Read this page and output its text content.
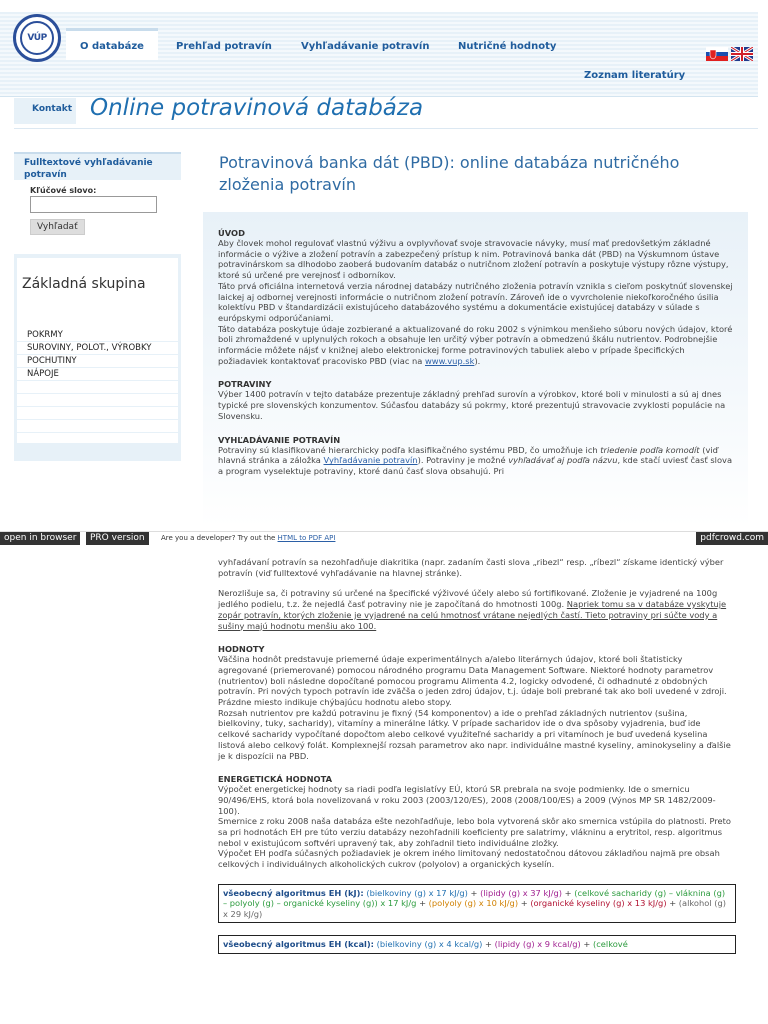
VÚP
O databáze	Prehľad potravín	Vyhľadávanie potravín	Nutričné hodnoty
Zoznam literatúry
Kontakt Online potravinová databáza
Fulltextové vyhľadávanie potravín
Kľúčové slovo:
Vyhľadať
Základná skupina
POKRMY
SUROVINY, POLOT., VÝROBKY
POCHUTINY
NÁPOJE
Potravinová banka dát (PBD): online databáza nutričného zloženia potravín
ÚVOD
Aby človek mohol regulovať vlastnú výživu a ovplyvňovať svoje stravovacie návyky, musí mať predovšetkým základné informácie o výžive a zložení potravín a zabezpečený prístup k nim. Potravinová banka dát (PBD) na Výskumnom ústave potravinárskom sa dlhodobo zaoberá budovaním databáz o nutričnom zložení potravín a poskytuje výstupy rôzne výstupy, ktoré sú určené pre verejnosť i odborníkov.
Táto prvá oficiálna internetová verzia národnej databázy nutričného zloženia potravín vznikla s cieľom poskytnúť slovenskej laickej aj odbornej verejnosti informácie o nutričnom zložení potravín. Zároveň ide o vyvrcholenie niekoľkoročného úsilia kolektívu PBD v štandardizácii existujúceho databázového systému a dokumentácie existujúcej databázy v súlade s európskymi odporúčaniami.
Táto databáza poskytuje údaje zozbierané a aktualizované do roku 2002 s výnimkou menšieho súboru nových údajov, ktoré boli zhromaždené v uplynulých rokoch a obsahuje len určitý výber potravín a obmedzenú škálu nutrientov. Podrobnejšie informácie môžete nájsť v knižnej alebo elektronickej forme potravinových tabuliek alebo v prípade špecifických požiadaviek kontaktovať pracovisko PBD (viac na www.vup.sk).
POTRAVINY
Výber 1400 potravín v tejto databáze prezentuje základný prehľad surovín a výrobkov, ktoré boli v minulosti a sú aj dnes typické pre slovenských konzumentov. Súčasťou databázy sú pokrmy, ktoré prezentujú stravovacie zvyklosti populácie na Slovensku.
VYHĽADÁVANIE POTRAVÍN
Potraviny sú klasifikované hierarchicky podľa klasifikačného systému PBD, čo umožňuje ich triedenie podľa komodít (viď hlavná stránka a záložka Vyhľadávanie potravín). Potraviny je možné vyhľadávať aj podľa názvu, kde stačí uviesť časť slova a program vyselektuje potraviny, ktoré danú časť slova obsahujú. Pri
open in browser	PRO version	Are you a developer? Try out the HTML to PDF API	pdfcrowd.com
vyhľadávaní potravín sa nezohľadňuje diakritika (napr. zadaním časti slova „ribezl“ resp. „ríbezl“ získame identický výber potravín (viď fulltextové vyhľadávanie na hlavnej stránke).
Nerozlišuje sa, či potraviny sú určené na špecifické výživové účely alebo sú fortifikované. Zloženie je vyjadrené na 100g jedlého podielu, t.z. že nejedlá časť potraviny nie je započítaná do hmotnosti 100g. Napriek tomu sa v databáze vyskytuje zopár potravín, ktorých zloženie je vyjadrené na celú hmotnosť vrátane nejedlých častí. Tieto potraviny pri súčte vody a sušiny majú hodnotu menšiu ako 100.
HODNOTY
Väčšina hodnôt predstavuje priemerné údaje experimentálnych a/alebo literárnych údajov, ktoré boli štatisticky agregované (priemerované) pomocou národného programu Data Management Software. Niektoré hodnoty parametrov (nutrientov) boli následne dopočítané pomocou programu Alimenta 4.2, logicky odvodené, či odhadnuté z obdobných potravín. Pri nových typoch potravín ide zväčša o jeden zdroj údajov, t.j. údaje boli prebrané tak ako boli uvedené v zdroji. Prázdne miesto indikuje chýbajúcu hodnotu alebo stopy.
Rozsah nutrientov pre každú potravinu je fixný (54 komponentov) a ide o prehľad základných nutrientov (sušina, bielkoviny, tuky, sacharidy), vitamíny a minerálne látky. V prípade sacharidov ide o dva spôsoby vyjadrenia, buď ide celkové sacharidy vypočítané dopočtom alebo celkové využiteľné sacharidy a pri vitamínoch je buď uvedená kyselina listová alebo celkový folát. Komplexnejší rozsah parametrov ako napr. individuálne mastné kyseliny, aminokyseliny a ďalšie je k dispozícii na PBD.
ENERGETICKÁ HODNOTA
Výpočet energetickej hodnoty sa riadi podľa legislatívy EÚ, ktorú SR prebrala na svoje podmienky. Ide o smernicu 90/496/EHS, ktorá bola novelizovaná v roku 2003 (2003/120/ES), 2008 (2008/100/ES) a 2009 (Výnos MP SR 1482/2009-100).
Smernice z roku 2008 naša databáza ešte nezohľadňuje, lebo bola vytvorená skôr ako smernica vstúpila do platnosti. Preto sa pri hodnotách EH pre túto verziu databázy nezohľadnili koeficienty pre salatrimy, vlákninu a erytritol, resp. algoritmus nebol v existujúcom softvéri upravený tak, aby zohľadnil tieto individuálne zložky.
Výpočet EH podľa súčasných požiadaviek je okrem iného limitovaný nedostatočnou dátovou základňou najmä pre obsah celkových i individuálnych alkoholických cukrov (polyolov) a organických kyselín.
všeobecný algoritmus EH (kJ): (bielkoviny (g) x 17 kJ/g) + (lipidy (g) x 37 kJ/g) + (celkové sacharidy (g) – vláknina (g) – polyoly (g) – organické kyseliny (g)) x 17 kJ/g + (polyoly (g) x 10 kJ/g) + (organické kyseliny (g) x 13 kJ/g) + (alkohol (g) x 29 kJ/g)
všeobecný algoritmus EH (kcal): (bielkoviny (g) x 4 kcal/g) + (lipidy (g) x 9 kcal/g) + (celkové
